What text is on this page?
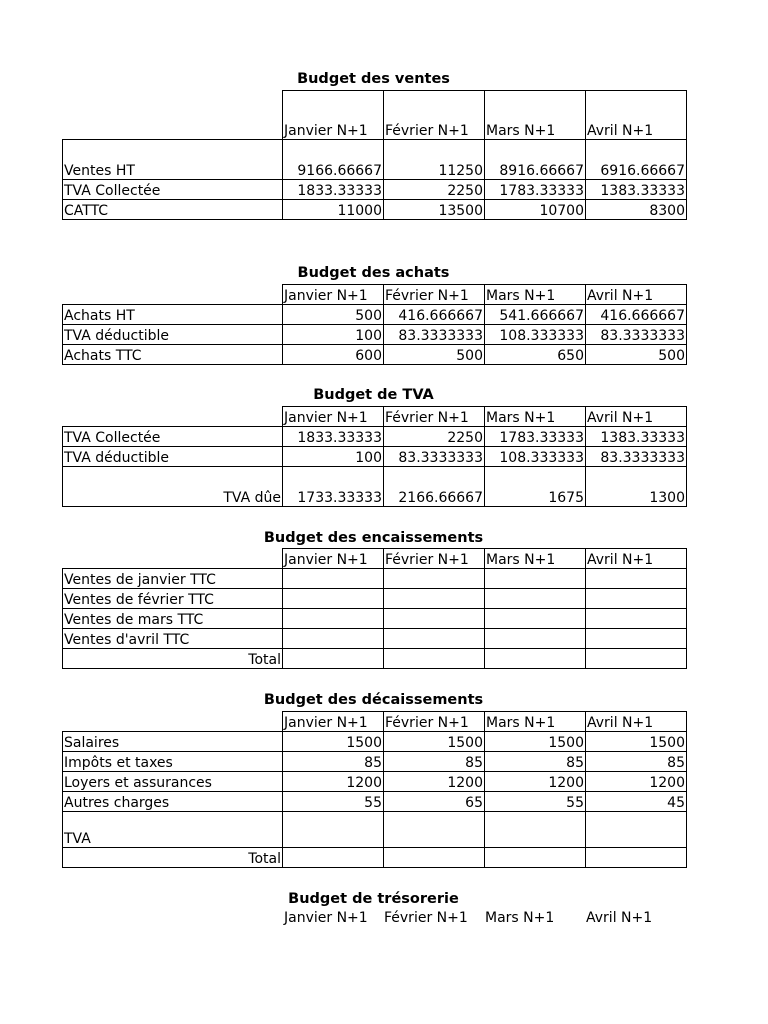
Budget des ventes
	Janvier N+1	Février N+1	Mars N+1	Avril N+1
Ventes HT	9166.66667	11250	8916.66667	6916.66667
TVA Collectée	1833.33333	2250	1783.33333	1383.33333
CATTC	11000	13500	10700	8300
Budget des achats
	Janvier N+1	Février N+1	Mars N+1	Avril N+1
Achats HT	500	416.666667	541.666667	416.666667
TVA déductible	100	83.3333333	108.333333	83.3333333
Achats TTC	600	500	650	500
Budget de TVA
	Janvier N+1	Février N+1	Mars N+1	Avril N+1
TVA Collectée	1833.33333	2250	1783.33333	1383.33333
TVA déductible	100	83.3333333	108.333333	83.3333333
TVA dûe	1733.33333	2166.66667	1675	1300
Budget des encaissements
	Janvier N+1	Février N+1	Mars N+1	Avril N+1
Ventes de janvier TTC				
Ventes de février TTC				
Ventes de mars TTC				
Ventes d'avril TTC				
Total				
Budget des décaissements
	Janvier N+1	Février N+1	Mars N+1	Avril N+1
Salaires	1500	1500	1500	1500
Impôts et taxes	85	85	85	85
Loyers et assurances	1200	1200	1200	1200
Autres charges	55	65	55	45
TVA				
Total				
Budget de trésorerie
Janvier N+1 Février N+1 Mars N+1 Avril N+1
